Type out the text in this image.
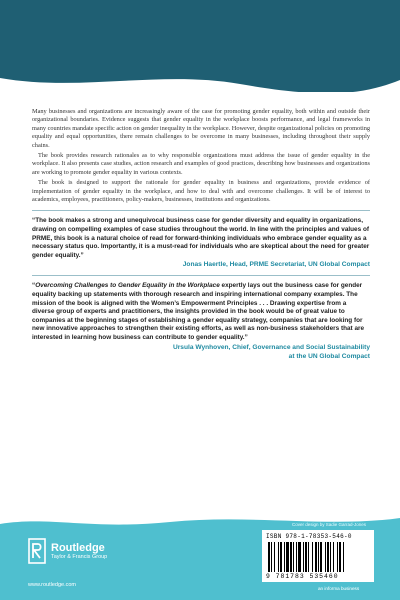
Many businesses and organizations are increasingly aware of the case for promoting gender equality, both within and outside their organizational boundaries. Evidence suggests that gender equality in the workplace boosts performance, and legal frameworks in many countries mandate specific action on gender inequality in the workplace. However, despite organizational policies on promoting equality and equal opportunities, there remain challenges to be overcome in many businesses, including throughout their supply chains.

The book provides research rationales as to why responsible organizations must address the issue of gender equality in the workplace. It also presents case studies, action research and examples of good practices, describing how businesses and organizations are working to promote gender equality in various contexts.

The book is designed to support the rationale for gender equality in business and organizations, provide evidence of implementation of gender equality in the workplace, and how to deal with and overcome challenges. It will be of interest to academics, employees, practitioners, policy-makers, businesses, institutions and organizations.

“The book makes a strong and unequivocal business case for gender diversity and equality in organizations, drawing on compelling examples of case studies throughout the world. In line with the principles and values of PRME, this book is a natural choice of read for forward-thinking individuals who embrace gender equality as a necessary status quo. Importantly, it is a must-read for individuals who are skeptical about the need for greater gender equality.”

Jonas Haertle, Head, PRME Secretariat, UN Global Compact

“Overcoming Challenges to Gender Equality in the Workplace expertly lays out the business case for gender equality backing up statements with thorough research and inspiring international company examples. The mission of the book is aligned with the Women’s Empowerment Principles . . . Drawing expertise from a diverse group of experts and practitioners, the insights provided in the book would be of great value to companies at the beginning stages of establishing a gender equality strategy, companies that are looking for new innovative approaches to strengthen their existing efforts, as well as non-business stakeholders that are interested in learning how business can contribute to gender equality.”

Ursula Wynhoven, Chief, Governance and Social Sustainability
at the UN Global Compact

Cover design by Sadie Garrad-Jones
Routledge
Taylor & Francis Group
www.routledge.com
ISBN 978-1-78353-546-0
9 781783 535460
an informa business
